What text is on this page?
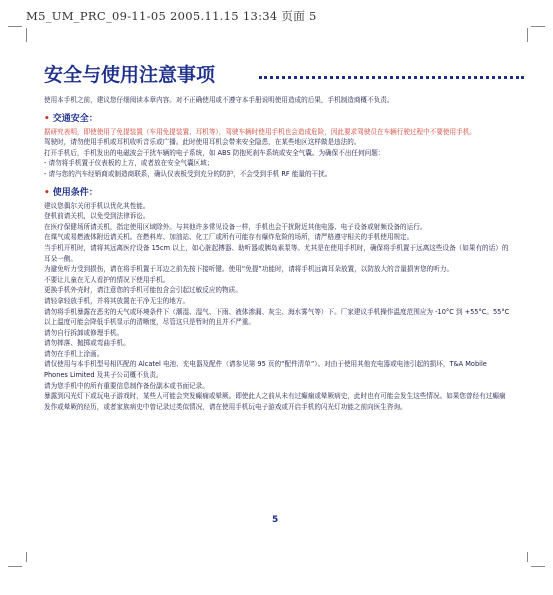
M5_UM_PRC_09-11-05 2005.11.15 13:34 页面 5
安全与使用注意事项

使用本手机之前，建议您仔细阅读本章内容。对不正确使用或不遵守本手册说明使用造成的后果，手机制造商概不负责。

• 交通安全：

据研究表明，即使使用了免提装置（车用免提装置、耳机等），驾驶车辆时使用手机也会造成危险，因此要求驾驶员在车辆行驶过程中不要使用手机。

驾驶时，请勿使用手机或耳机收听音乐或广播。此时使用耳机会带来安全隐患，在某些地区这样做是违法的。

打开手机后，手机发出的电磁波会干扰车辆的电子系统，如 ABS 防抱死刹车系统或安全气囊。为确保不出任何问题：

- 请勿将手机置于仪表板的上方，或者放在安全气囊区域；

- 请与您的汽车经销商或制造商联系，确认仪表板受到充分的防护，不会受到手机 RF 能量的干扰。

• 使用条件：

建议您偶尔关闭手机以优化其性能。

登机前请关机，以免受到法律诉讼。

在医疗保健场所请关机，指定使用区域除外。与其他许多常见设备一样，手机也会干扰附近其他电器、电子设备或射频设备的运行。

在煤气或易燃液体附近请关机。在燃料库、加油站、化工厂或所有可能存有爆炸危险的场所，请严格遵守相关的手机使用规定。

当手机开机时，请将其远离医疗设备 15cm 以上，如心脏起搏器、助听器或胰岛素泵等。尤其是在使用手机时，确保将手机置于远离这些设备（如果有的话）的耳朵一侧。

为避免听力受到损伤，请在将手机置于耳边之前先按下接听键。使用“免提”功能时，请将手机远离耳朵放置，以防放大的音量损害您的听力。

不要让儿童在无人看护的情况下使用手机。

更换手机外壳时，请注意您的手机可能包含会引起过敏反应的物质。

请轻拿轻放手机，并将其放置在干净无尘的地方。

请勿将手机暴露在恶劣的天气或环境条件下（潮湿、湿气、下雨、液体渗漏、灰尘、海水雾气等）下。厂家建议手机操作温度范围应为 -10°C 到 +55°C。55°C 以上温度可能会降低手机显示的清晰度，尽管这只是暂时的且并不严重。

请勿自行拆卸或修理手机。

请勿摔落、抛掷或弯曲手机。

请勿在手机上涂画。

请仅使用与本手机型号相匹配的 Alcatel 电池、充电器及配件（请参见第 95 页的“配件清单”）。对由于使用其他充电器或电池引起的损坏，T&A Mobile Phones Limited 及其子公司概不负责。

请为您手机中的所有重要信息制作备份副本或书面记录。

暴露到闪光灯下或玩电子游戏时，某些人可能会突发癫痫或晕厥。即使此人之前从未有过癫痫或晕厥病史，此时也有可能会发生这些情况。如果您曾经有过癫痫发作或晕厥的经历，或者家族病史中曾记录过类似情况，请在使用手机玩电子游戏或开启手机的闪光灯功能之前向医生咨询。

5
